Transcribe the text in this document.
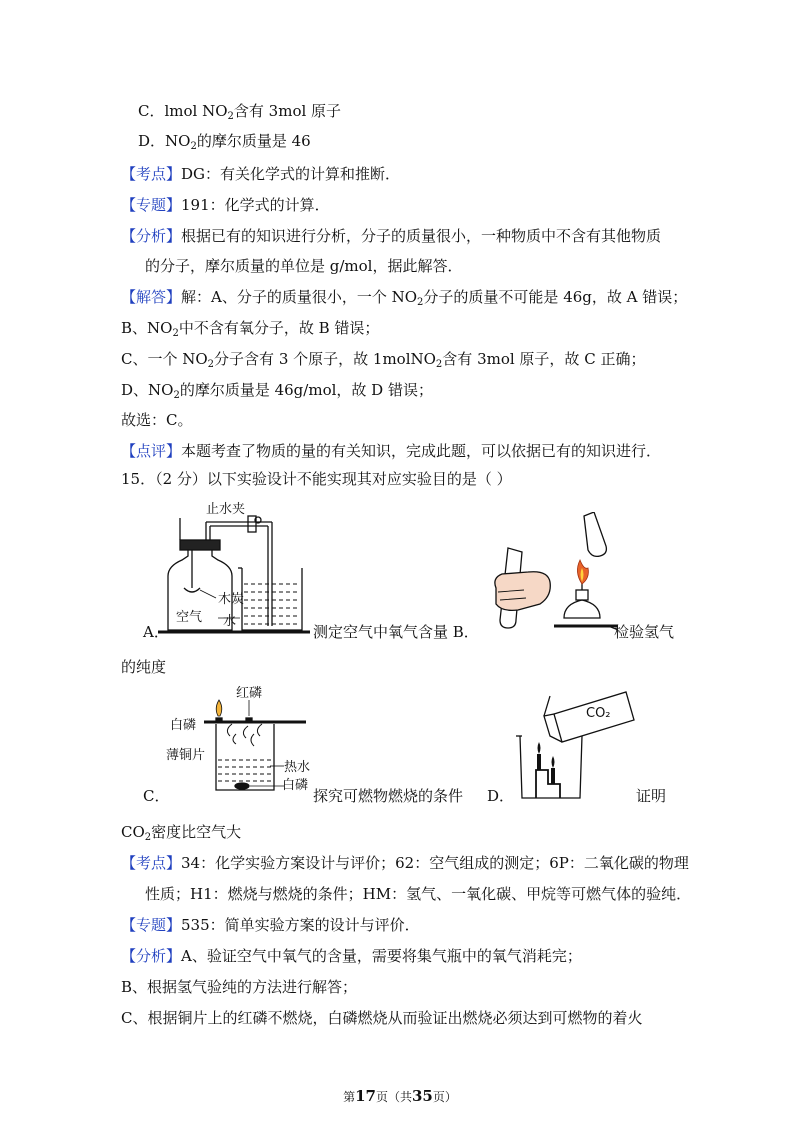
C．lmol $NO_2$含有 3mol 原子
D．$NO_2$的摩尔质量是 46
【考点】DG：有关化学式的计算和推断．
【专题】191：化学式的计算．
【分析】根据已有的知识进行分析，分子的质量很小，一种物质中不含有其他物质
的分子，摩尔质量的单位是 g/mol，据此解答．
【解答】解：A、分子的质量很小，一个 $NO_2$分子的质量不可能是 46g，故 A 错误；
B、$NO_2$中不含有氧分子，故 B 错误；
C、一个 $NO_2$分子含有 3 个原子，故 1molNO$_2$含有 3mol 原子，故 C 正确；
D、$NO_2$的摩尔质量是 46g/mol，故 D 错误；
故选：C。
【点评】本题考查了物质的量的有关知识，完成此题，可以依据已有的知识进行．
15．（2 分）以下实验设计不能实现其对应实验目的是（ ）
止水夹
木炭
空气 水
A．	测定空气中氧气含量 B．	检验氢气
的纯度
红磷
白磷
薄铜片
热水
白磷
C．	探究可燃物燃烧的条件 D．
CO₂
证明
$CO_2$密度比空气大
【考点】34：化学实验方案设计与评价；62：空气组成的测定；6P：二氧化碳的物理
性质；H1：燃烧与燃烧的条件；HM：氢气、一氧化碳、甲烷等可燃气体的验纯．
【专题】535：简单实验方案的设计与评价．
【分析】A、验证空气中氧气的含量，需要将集气瓶中的氧气消耗完；
B、根据氢气验纯的方法进行解答；
C、根据铜片上的红磷不燃烧，白磷燃烧从而验证出燃烧必须达到可燃物的着火
第17页（共35页）
